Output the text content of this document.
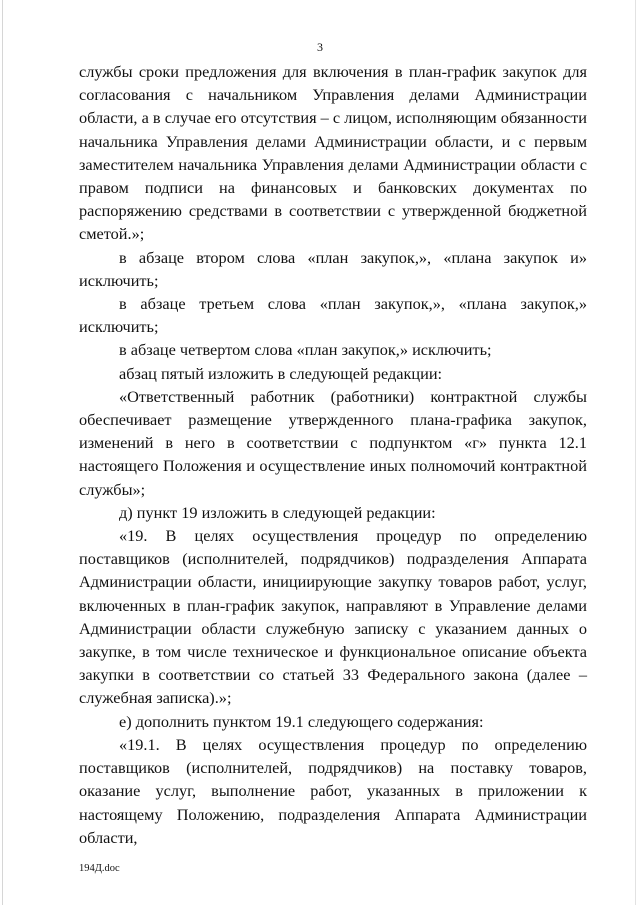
3

службы сроки предложения для включения в план-график закупок для согласования с начальником Управления делами Администрации области, а в случае его отсутствия – с лицом, исполняющим обязанности начальника Управления делами Администрации области, и с первым заместителем начальника Управления делами Администрации области с правом подписи на финансовых и банковских документах по распоряжению средствами в соответствии с утвержденной бюджетной сметой.»;

в абзаце втором слова «план закупок,», «плана закупок и» исключить;

в абзаце третьем слова «план закупок,», «плана закупок,» исключить;

в абзаце четвертом слова «план закупок,» исключить;

абзац пятый изложить в следующей редакции:

«Ответственный работник (работники) контрактной службы обеспечивает размещение утвержденного плана-графика закупок, изменений в него в соответствии с подпунктом «г» пункта 12.1 настоящего Положения и осуществление иных полномочий контрактной службы»;

д) пункт 19 изложить в следующей редакции:

«19. В целях осуществления процедур по определению поставщиков (исполнителей, подрядчиков) подразделения Аппарата Администрации области, инициирующие закупку товаров работ, услуг, включенных в план-график закупок, направляют в Управление делами Администрации области служебную записку с указанием данных о закупке, в том числе техническое и функциональное описание объекта закупки в соответствии со статьей 33 Федерального закона (далее – служебная записка).»;

е) дополнить пунктом 19.1 следующего содержания:

«19.1. В целях осуществления процедур по определению поставщиков (исполнителей, подрядчиков) на поставку товаров, оказание услуг, выполнение работ, указанных в приложении к настоящему Положению, подразделения Аппарата Администрации области,

194Д.doc
